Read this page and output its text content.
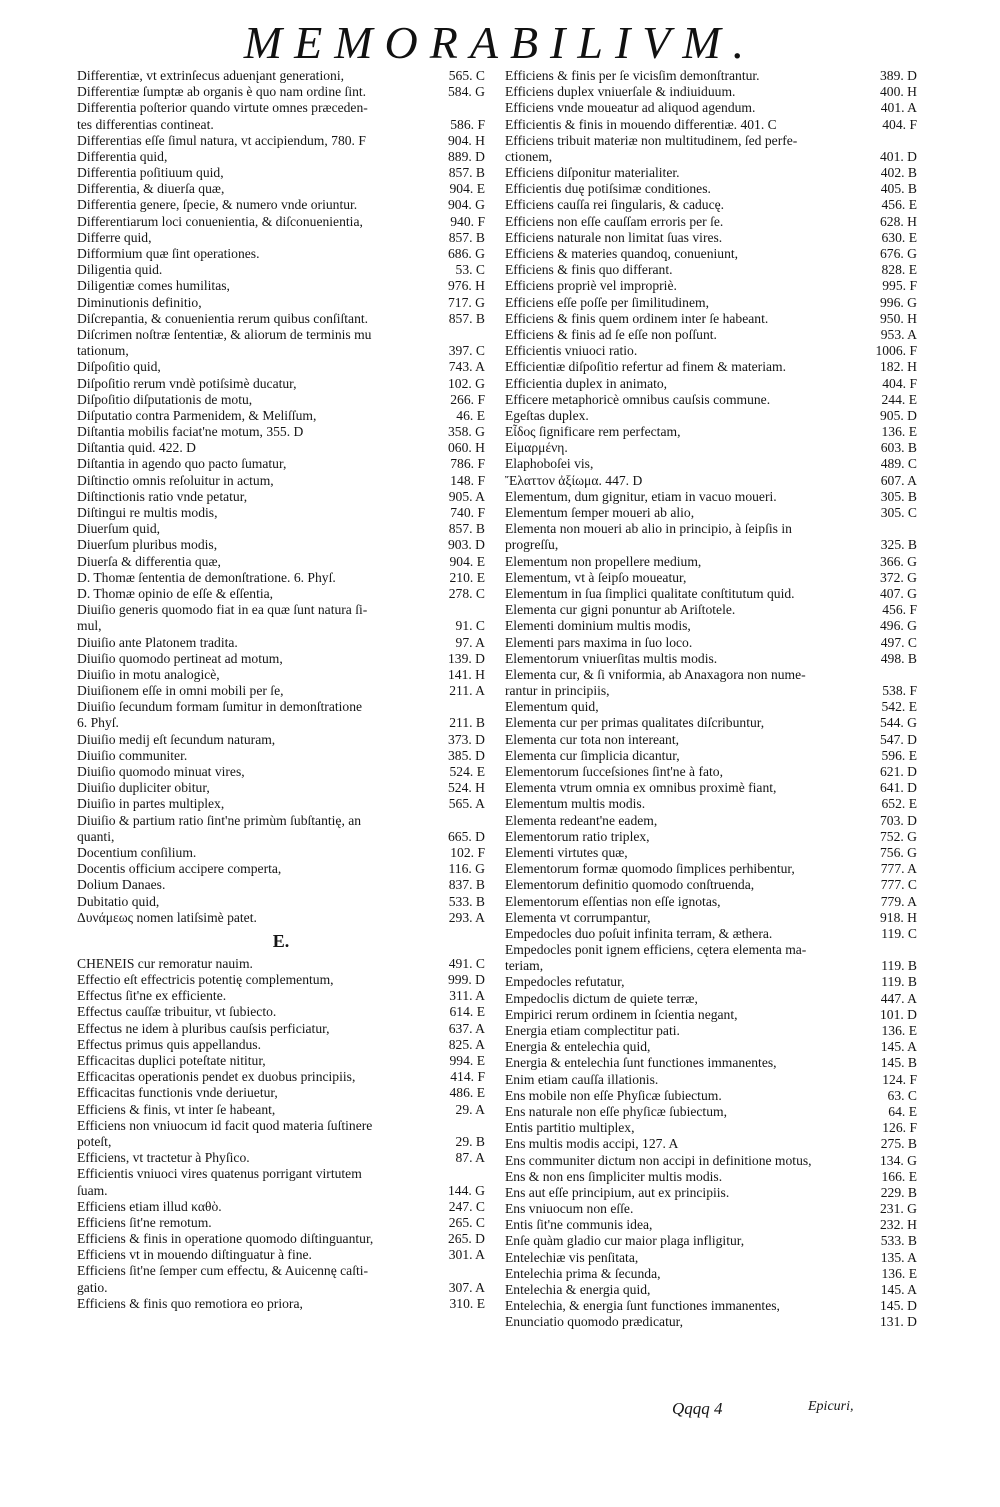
MEMORABILIVM.
Differentiæ, vt extrinſecus aduenįant generationi,	565. C
Differentiæ ſumptæ ab organis è quo nam ordine ſint.	584. G
Differentia poſterior quando virtute omnes præceden-
tes differentias contineat.	586. F
Differentias eſſe ſimul natura, vt accipiendum, 780. F	904. H
Differentia quid,	889. D
Differentia poſitiuum quid,	857. B
Differentia, & diuerſa quæ,	904. E
Differentia genere, ſpecie, & numero vnde oriuntur.	904. G
Differentiarum loci conuenientia, & diſconuenientia,	940. F
Differre quid,	857. B
Difformium quæ ſint operationes.	686. G
Diligentia quid.	53. C
Diligentiæ comes humilitas,	976. H
Diminutionis definitio,	717. G
Diſcrepantia, & conuenientia rerum quibus conſiſtant.	857. B
Diſcrimen noſtræ ſententiæ, & aliorum de terminis mu
tationum,	397. C
Diſpoſitio quid,	743. A
Diſpoſitio rerum vndè potiſsimè ducatur,	102. G
Diſpoſitio diſputationis de motu,	266. F
Diſputatio contra Parmenidem, & Meliſſum,	46. E
Diſtantia mobilis faciat'ne motum, 355. D	358. G
Diſtantia quid. 422. D	060. H
Diſtantia in agendo quo pacto ſumatur,	786. F
Diſtinctio omnis reſoluitur in actum,	148. F
Diſtinctionis ratio vnde petatur,	905. A
Diſtingui re multis modis,	740. F
Diuerſum quid,	857. B
Diuerſum pluribus modis,	903. D
Diuerſa & differentia quæ,	904. E
D. Thomæ ſententia de demonſtratione. 6. Phyſ.	210. E
D. Thomæ opinio de eſſe & eſſentia,	278. C
Diuiſio generis quomodo fiat in ea quæ ſunt natura ſi-
mul,	91. C
Diuiſio ante Platonem tradita.	97. A
Diuiſio quomodo pertineat ad motum,	139. D
Diuiſio in motu analogicè,	141. H
Diuiſionem eſſe in omni mobili per ſe,	211. A
Diuiſio ſecundum formam ſumitur in demonſtratione
6. Phyſ.	211. B
Diuiſio medij eſt ſecundum naturam,	373. D
Diuiſio communiter.	385. D
Diuiſio quomodo minuat vires,	524. E
Diuiſio dupliciter obitur,	524. H
Diuiſio in partes multiplex,	565. A
Diuiſio & partium ratio ſint'ne primùm ſubſtantię, an
quanti,	665. D
Docentium conſilium.	102. F
Docentis officium accipere comperta,	116. G
Dolium Danaes.	837. B
Dubitatio quid,	533. B
Δυνάμεως nomen latiſsimè patet.	293. A
E.
CHENEIS cur remoratur nauim.	491. C
Effectio eſt effectricis potentię complementum,	999. D
Effectus ſit'ne ex efficiente.	311. A
Effectus cauſſæ tribuitur, vt ſubiecto.	614. E
Effectus ne idem à pluribus cauſsis perficiatur,	637. A
Effectus primus quis appellandus.	825. A
Efficacitas duplici poteſtate nititur,	994. E
Efficacitas operationis pendet ex duobus principiis,	414. F
Efficacitas functionis vnde deriuetur,	486. E
Efficiens & finis, vt inter ſe habeant,	29. A
Efficiens non vniuocum id facit quod materia ſuſtinere
poteſt,	29. B
Efficiens, vt tractetur à Phyſico.	87. A
Efficientis vniuoci vires quatenus porrigant virtutem
ſuam.	144. G
Efficiens etiam illud καθὸ.	247. C
Efficiens ſit'ne remotum.	265. C
Efficiens & finis in operatione quomodo diſtinguantur,	265. D
Efficiens vt in mouendo diſtinguatur à fine.	301. A
Efficiens ſit'ne ſemper cum effectu, & Auicennę caſti-
gatio.	307. A
Efficiens & finis quo remotiora eo priora,	310. E
Efficiens & finis per ſe vicisſim demonſtrantur.	389. D
Efficiens duplex vniuerſale & indiuiduum.	400. H
Efficiens vnde moueatur ad aliquod agendum.	401. A
Efficientis & finis in mouendo differentiæ. 401. C	404. F
Efficiens tribuit materiæ non multitudinem, ſed perfe-
ctionem,	401. D
Efficiens diſponitur materialiter.	402. B
Efficientis duę potiſsimæ conditiones.	405. B
Efficiens cauſſa rei ſingularis, & caducę.	456. E
Efficiens non eſſe cauſſam erroris per ſe.	628. H
Efficiens naturale non limitat ſuas vires.	630. E
Efficiens & materies quandoq, conueniunt,	676. G
Efficiens & finis quo differant.	828. E
Efficiens propriè vel impropriè.	995. F
Efficiens eſſe poſſe per ſimilitudinem,	996. G
Efficiens & finis quem ordinem inter ſe habeant.	950. H
Efficiens & finis ad ſe eſſe non poſſunt.	953. A
Efficientis vniuoci ratio.	1006. F
Efficientiæ diſpoſitio refertur ad finem & materiam.	182. H
Efficientia duplex in animato,	404. F
Efficere metaphoricè omnibus cauſsis commune.	244. E
Egeſtas duplex.	905. D
Εἶδος ſignificare rem perfectam,	136. E
Εἱμαρμένη.	603. B
Elaphoboſei vis,	489. C
Ἔλαττον ἀξίωμα. 447. D	607. A
Elementum, dum gignitur, etiam in vacuo moueri.	305. B
Elementum ſemper moueri ab alio,	305. C
Elementa non moueri ab alio in principio, à ſeipſis in
progreſſu,	325. B
Elementum non propellere medium,	366. G
Elementum, vt à ſeipſo moueatur,	372. G
Elementum in ſua ſimplici qualitate conſtitutum quid.	407. G
Elementa cur gigni ponuntur ab Ariſtotele.	456. F
Elementi dominium multis modis,	496. G
Elementi pars maxima in ſuo loco.	497. C
Elementorum vniuerſitas multis modis.	498. B
Elementa cur, & ſi vniformia, ab Anaxagora non nume-
rantur in principiis,	538. F
Elementum quid,	542. E
Elementa cur per primas qualitates diſcribuntur,	544. G
Elementa cur tota non intereant,	547. D
Elementa cur ſimplicia dicantur,	596. E
Elementorum ſucceſsiones ſint'ne à fato,	621. D
Elementa vtrum omnia ex omnibus proximè fiant,	641. D
Elementum multis modis.	652. E
Elementa redeant'ne eadem,	703. D
Elementorum ratio triplex,	752. G
Elementi virtutes quæ,	756. G
Elementorum formæ quomodo ſimplices perhibentur,	777. A
Elementorum definitio quomodo conſtruenda,	777. C
Elementorum eſſentias non eſſe ignotas,	779. A
Elementa vt corrumpantur,	918. H
Empedocles duo poſuit infinita terram, & æthera.	119. C
Empedocles ponit ignem efficiens, cętera elementa ma-
teriam,	119. B
Empedocles refutatur,	119. B
Empedoclis dictum de quiete terræ,	447. A
Empirici rerum ordinem in ſcientia negant,	101. D
Energia etiam complectitur pati.	136. E
Energia & entelechia quid,	145. A
Energia & entelechia ſunt functiones immanentes,	145. B
Enim etiam cauſſa illationis.	124. F
Ens mobile non eſſe Phyſicæ ſubiectum.	63. C
Ens naturale non eſſe phyſicæ ſubiectum,	64. E
Entis partitio multiplex,	126. F
Ens multis modis accipi, 127. A	275. B
Ens communiter dictum non accipi in definitione motus,	134. G
Ens & non ens ſimpliciter multis modis.	166. E
Ens aut eſſe principium, aut ex principiis.	229. B
Ens vniuocum non eſſe.	231. G
Entis ſit'ne communis idea,	232. H
Enſe quàm gladio cur maior plaga infligitur,	533. B
Entelechiæ vis penſitata,	135. A
Entelechia prima & ſecunda,	136. E
Entelechia & energia quid,	145. A
Entelechia, & energia ſunt functiones immanentes,	145. D
Enunciatio quomodo prædicatur,	131. D
Qqqq 4	Epicuri,
